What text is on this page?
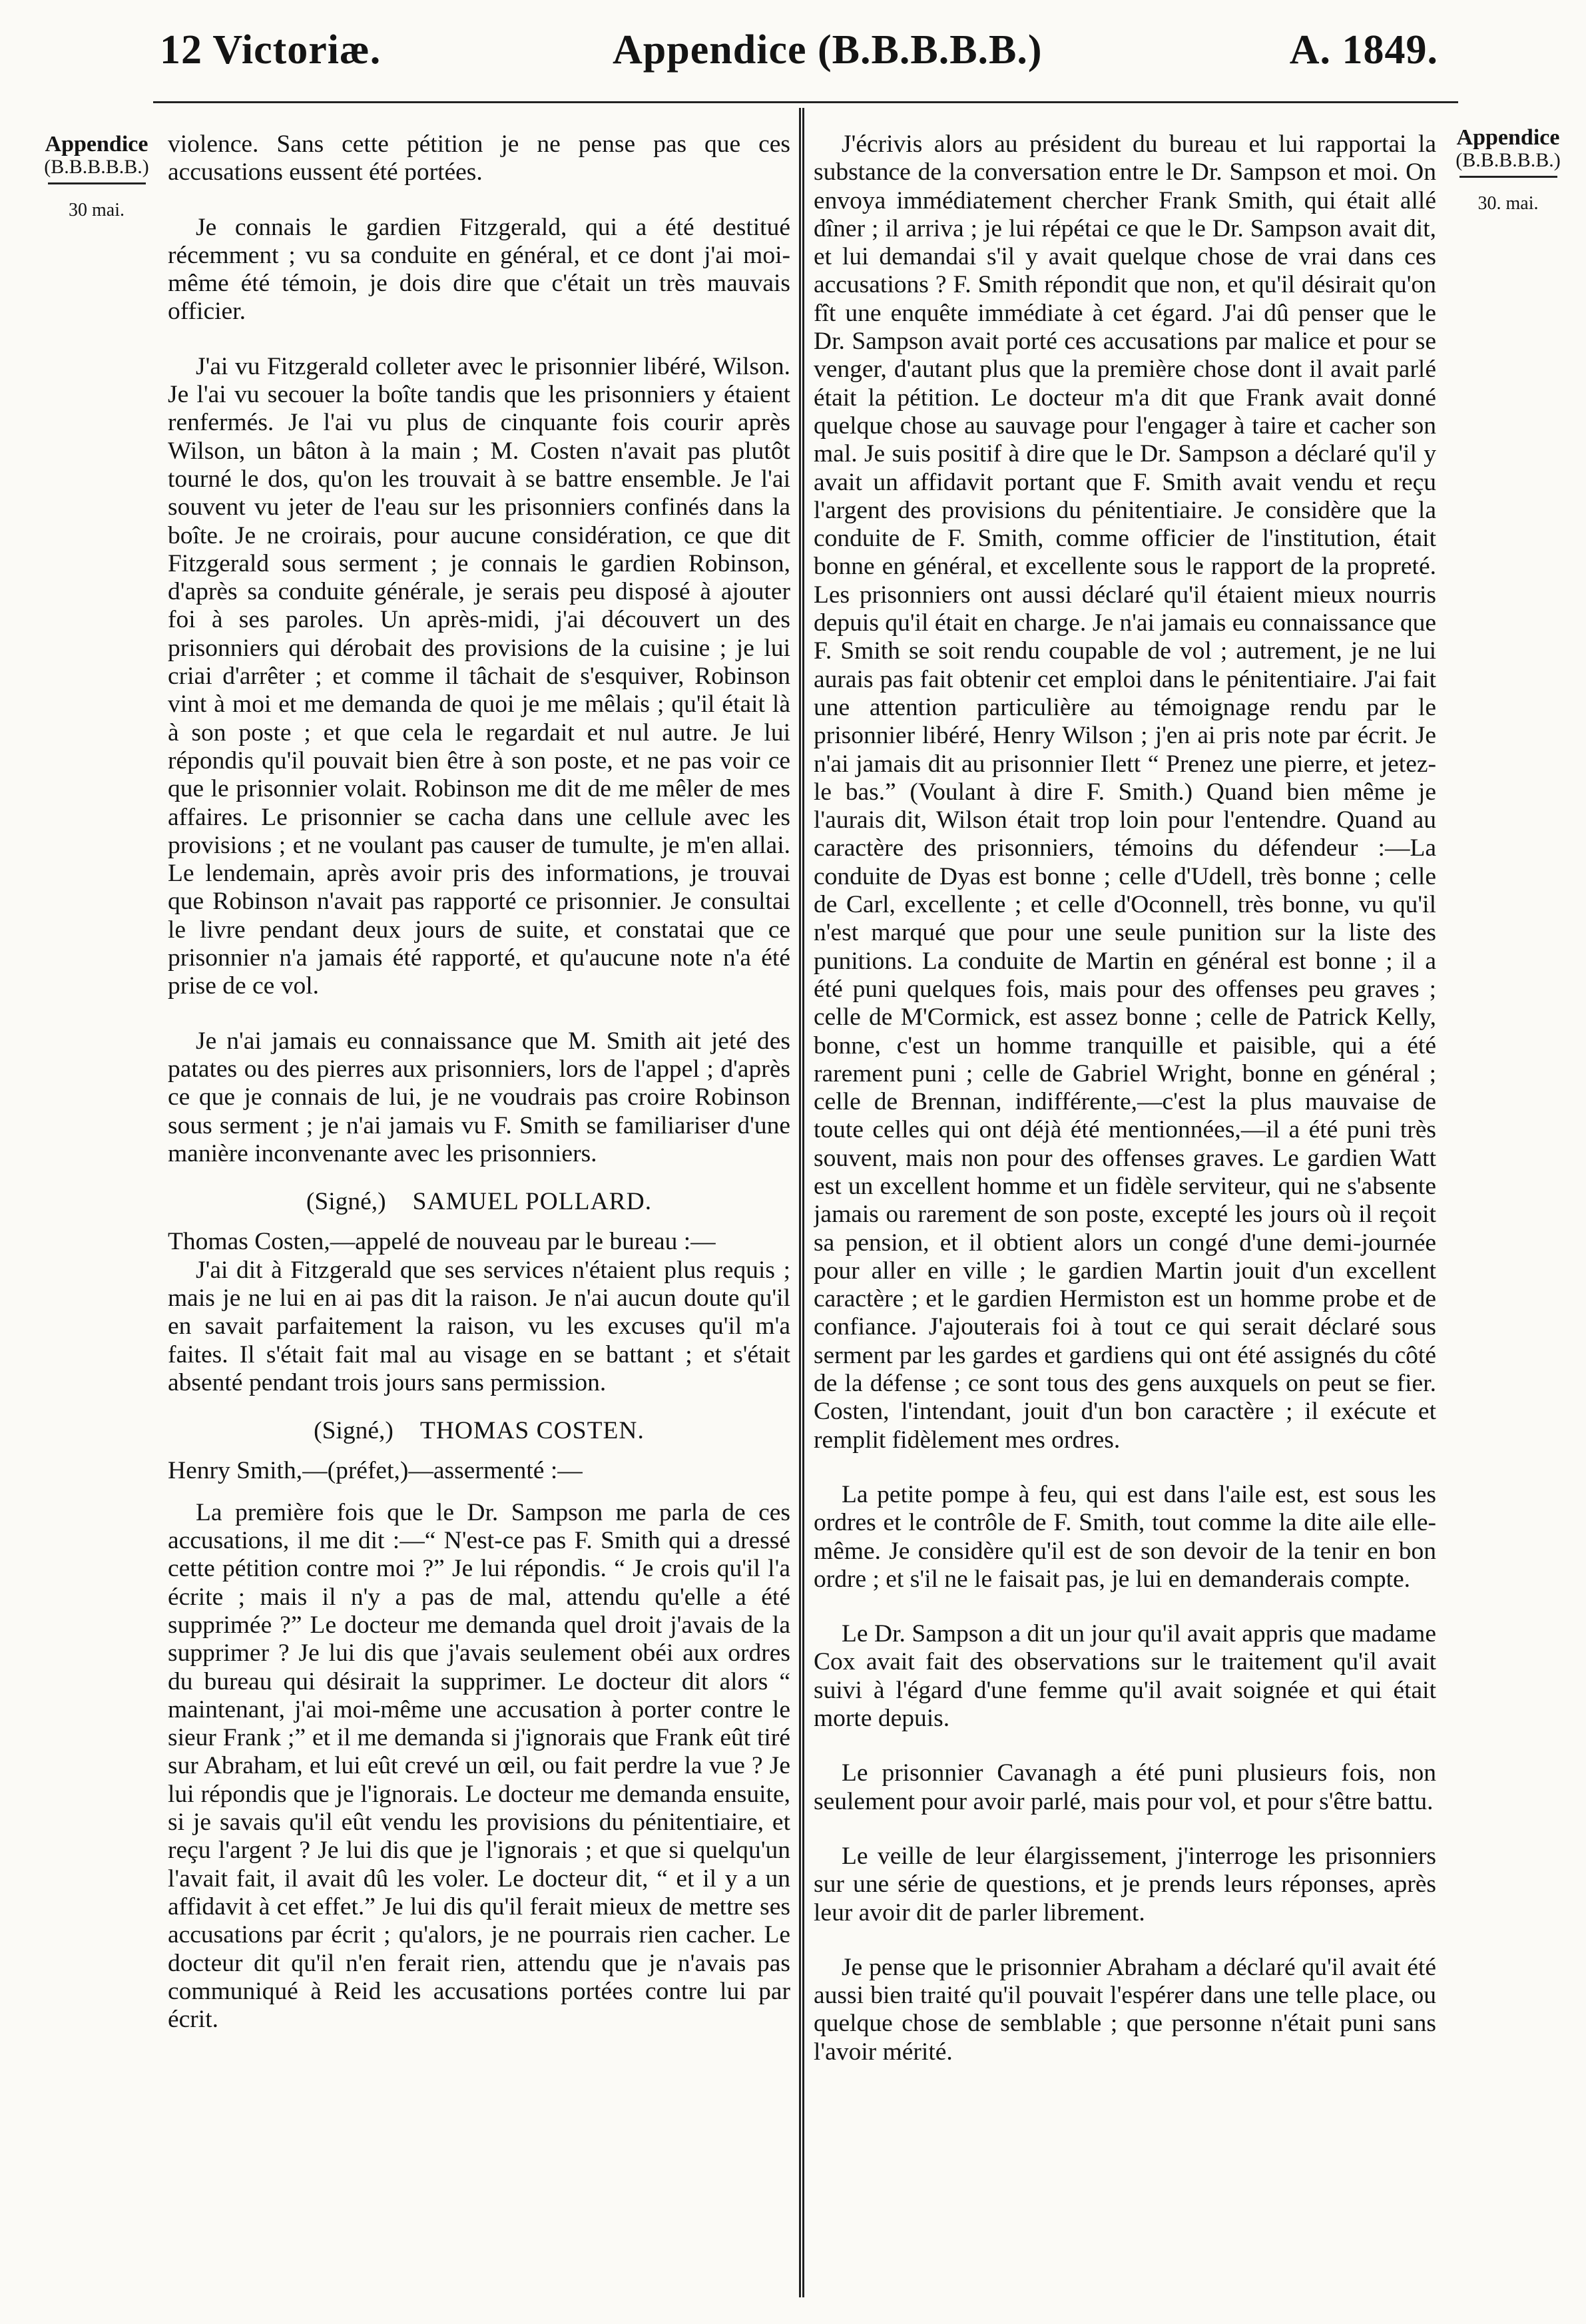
12 Victoriæ.	Appendice (B.B.B.B.B.)	A. 1849.
Appendice
(B.B.B.B.B.)
30 mai.
Appendice
(B.B.B.B.B.)
30. mai.

violence. Sans cette pétition je ne pense pas que ces accusations eussent été portées.

Je connais le gardien Fitzgerald, qui a été destitué récemment ; vu sa conduite en général, et ce dont j'ai moi-même été témoin, je dois dire que c'était un très mauvais officier.

J'ai vu Fitzgerald colleter avec le prisonnier libéré, Wilson. Je l'ai vu secouer la boîte tandis que les prisonniers y étaient renfermés. Je l'ai vu plus de cinquante fois courir après Wilson, un bâton à la main ; M. Costen n'avait pas plutôt tourné le dos, qu'on les trouvait à se battre ensemble. Je l'ai souvent vu jeter de l'eau sur les prisonniers confinés dans la boîte. Je ne croirais, pour aucune considération, ce que dit Fitzgerald sous serment ; je connais le gardien Robinson, d'après sa conduite générale, je serais peu disposé à ajouter foi à ses paroles. Un après-midi, j'ai découvert un des prisonniers qui dérobait des provisions de la cuisine ; je lui criai d'arrêter ; et comme il tâchait de s'esquiver, Robinson vint à moi et me demanda de quoi je me mêlais ; qu'il était là à son poste ; et que cela le regardait et nul autre. Je lui répondis qu'il pouvait bien être à son poste, et ne pas voir ce que le prisonnier volait. Robinson me dit de me mêler de mes affaires. Le prisonnier se cacha dans une cellule avec les provisions ; et ne voulant pas causer de tumulte, je m'en allai. Le lendemain, après avoir pris des informations, je trouvai que Robinson n'avait pas rapporté ce prisonnier. Je consultai le livre pendant deux jours de suite, et constatai que ce prisonnier n'a jamais été rapporté, et qu'aucune note n'a été prise de ce vol.

Je n'ai jamais eu connaissance que M. Smith ait jeté des patates ou des pierres aux prisonniers, lors de l'appel ; d'après ce que je connais de lui, je ne voudrais pas croire Robinson sous serment ; je n'ai jamais vu F. Smith se familiariser d'une manière inconvenante avec les prisonniers.

(Signé,) SAMUEL POLLARD.

Thomas Costen,—appelé de nouveau par le bureau :—

J'ai dit à Fitzgerald que ses services n'étaient plus requis ; mais je ne lui en ai pas dit la raison. Je n'ai aucun doute qu'il en savait parfaitement la raison, vu les excuses qu'il m'a faites. Il s'était fait mal au visage en se battant ; et s'était absenté pendant trois jours sans permission.

(Signé,) THOMAS COSTEN.

Henry Smith,—(préfet,)—assermenté :—

La première fois que le Dr. Sampson me parla de ces accusations, il me dit :—“ N'est-ce pas F. Smith qui a dressé cette pétition contre moi ?” Je lui répondis. “ Je crois qu'il l'a écrite ; mais il n'y a pas de mal, attendu qu'elle a été supprimée ?” Le docteur me demanda quel droit j'avais de la supprimer ? Je lui dis que j'avais seulement obéi aux ordres du bureau qui désirait la supprimer. Le docteur dit alors “ maintenant, j'ai moi-même une accusation à porter contre le sieur Frank ;” et il me demanda si j'ignorais que Frank eût tiré sur Abraham, et lui eût crevé un œil, ou fait perdre la vue ? Je lui répondis que je l'ignorais. Le docteur me demanda ensuite, si je savais qu'il eût vendu les provisions du pénitentiaire, et reçu l'argent ? Je lui dis que je l'ignorais ; et que si quelqu'un l'avait fait, il avait dû les voler. Le docteur dit, “ et il y a un affidavit à cet effet.” Je lui dis qu'il ferait mieux de mettre ses accusations par écrit ; qu'alors, je ne pourrais rien cacher. Le docteur dit qu'il n'en ferait rien, attendu que je n'avais pas communiqué à Reid les accusations portées contre lui par écrit.

J'écrivis alors au président du bureau et lui rapportai la substance de la conversation entre le Dr. Sampson et moi. On envoya immédiatement chercher Frank Smith, qui était allé dîner ; il arriva ; je lui répétai ce que le Dr. Sampson avait dit, et lui demandai s'il y avait quelque chose de vrai dans ces accusations ? F. Smith répondit que non, et qu'il désirait qu'on fît une enquête immédiate à cet égard. J'ai dû penser que le Dr. Sampson avait porté ces accusations par malice et pour se venger, d'autant plus que la première chose dont il avait parlé était la pétition. Le docteur m'a dit que Frank avait donné quelque chose au sauvage pour l'engager à taire et cacher son mal. Je suis positif à dire que le Dr. Sampson a déclaré qu'il y avait un affidavit portant que F. Smith avait vendu et reçu l'argent des provisions du pénitentiaire. Je considère que la conduite de F. Smith, comme officier de l'institution, était bonne en général, et excellente sous le rapport de la propreté. Les prisonniers ont aussi déclaré qu'il étaient mieux nourris depuis qu'il était en charge. Je n'ai jamais eu connaissance que F. Smith se soit rendu coupable de vol ; autrement, je ne lui aurais pas fait obtenir cet emploi dans le pénitentiaire. J'ai fait une attention particulière au témoignage rendu par le prisonnier libéré, Henry Wilson ; j'en ai pris note par écrit. Je n'ai jamais dit au prisonnier Ilett “ Prenez une pierre, et jetez-le bas.” (Voulant à dire F. Smith.) Quand bien même je l'aurais dit, Wilson était trop loin pour l'entendre. Quand au caractère des prisonniers, témoins du défendeur :—La conduite de Dyas est bonne ; celle d'Udell, très bonne ; celle de Carl, excellente ; et celle d'Oconnell, très bonne, vu qu'il n'est marqué que pour une seule punition sur la liste des punitions. La conduite de Martin en général est bonne ; il a été puni quelques fois, mais pour des offenses peu graves ; celle de M'Cormick, est assez bonne ; celle de Patrick Kelly, bonne, c'est un homme tranquille et paisible, qui a été rarement puni ; celle de Gabriel Wright, bonne en général ; celle de Brennan, indifférente,—c'est la plus mauvaise de toute celles qui ont déjà été mentionnées,—il a été puni très souvent, mais non pour des offenses graves. Le gardien Watt est un excellent homme et un fidèle serviteur, qui ne s'absente jamais ou rarement de son poste, excepté les jours où il reçoit sa pension, et il obtient alors un congé d'une demi-journée pour aller en ville ; le gardien Martin jouit d'un excellent caractère ; et le gardien Hermiston est un homme probe et de confiance. J'ajouterais foi à tout ce qui serait déclaré sous serment par les gardes et gardiens qui ont été assignés du côté de la défense ; ce sont tous des gens auxquels on peut se fier. Costen, l'intendant, jouit d'un bon caractère ; il exécute et remplit fidèlement mes ordres.

La petite pompe à feu, qui est dans l'aile est, est sous les ordres et le contrôle de F. Smith, tout comme la dite aile elle-même. Je considère qu'il est de son devoir de la tenir en bon ordre ; et s'il ne le faisait pas, je lui en demanderais compte.

Le Dr. Sampson a dit un jour qu'il avait appris que madame Cox avait fait des observations sur le traitement qu'il avait suivi à l'égard d'une femme qu'il avait soignée et qui était morte depuis.

Le prisonnier Cavanagh a été puni plusieurs fois, non seulement pour avoir parlé, mais pour vol, et pour s'être battu.

Le veille de leur élargissement, j'interroge les prisonniers sur une série de questions, et je prends leurs réponses, après leur avoir dit de parler librement.

Je pense que le prisonnier Abraham a déclaré qu'il avait été aussi bien traité qu'il pouvait l'espérer dans une telle place, ou quelque chose de semblable ; que personne n'était puni sans l'avoir mérité.
